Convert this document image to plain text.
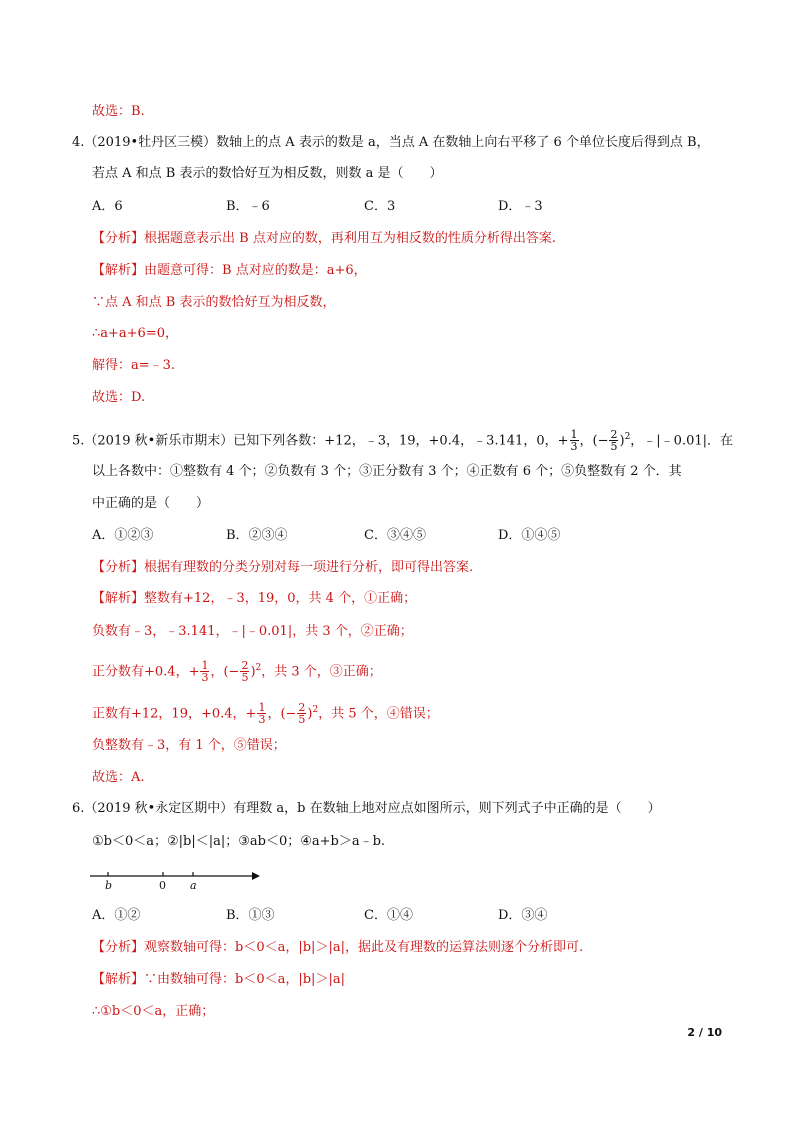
故选：B.
4.（2019•牡丹区三模）数轴上的点 A 表示的数是 a，当点 A 在数轴上向右平移了 6 个单位长度后得到点 B，
若点 A 和点 B 表示的数恰好互为相反数，则数 a 是（　　）
A．6	B．﹣6	C．3	D．﹣3
【分析】根据题意表示出 B 点对应的数，再利用互为相反数的性质分析得出答案.
【解析】由题意可得：B 点对应的数是：a+6，
∵点 A 和点 B 表示的数恰好互为相反数，
∴a+a+6=0，
解得：a=﹣3.
故选：D.
5.（2019 秋•新乐市期末）已知下列各数：+12，﹣3，19，+0.4，﹣3.141，0，+ $\frac{1}{3}$ ，(− $\frac{2}{5} )^2$，﹣|﹣0.01|．在
以上各数中：①整数有 4 个；②负数有 3 个；③正分数有 3 个；④正数有 6 个；⑤负整数有 2 个．其
中正确的是（　　）
A．①②③	B．②③④	C．③④⑤	D．①④⑤
【分析】根据有理数的分类分别对每一项进行分析，即可得出答案.
【解析】整数有+12，﹣3，19，0，共 4 个，①正确；
负数有﹣3，﹣3.141，﹣|﹣0.01|，共 3 个，②正确；
正分数有+0.4，+ $\frac{1}{3}$ ，(− $\frac{2}{5} )^2$，共 3 个，③正确；
正数有+12，19，+0.4，+ $\frac{1}{3}$ ，(− $\frac{2}{5} )^2$，共 5 个，④错误；
负整数有﹣3，有 1 个，⑤错误；
故选：A.
6.（2019 秋•永定区期中）有理数 a，b 在数轴上地对应点如图所示，则下列式子中正确的是（　　）
①b＜0＜a；②|b|＜|a|；③ab＜0；④a+b＞a﹣b.
b	0 a
A．①②	B．①③	C．①④	D．③④
【分析】观察数轴可得：b＜0＜a，|b|＞|a|，据此及有理数的运算法则逐个分析即可.
【解析】∵由数轴可得：b＜0＜a，|b|＞|a|
∴①b＜0＜a，正确；
2 / 10
